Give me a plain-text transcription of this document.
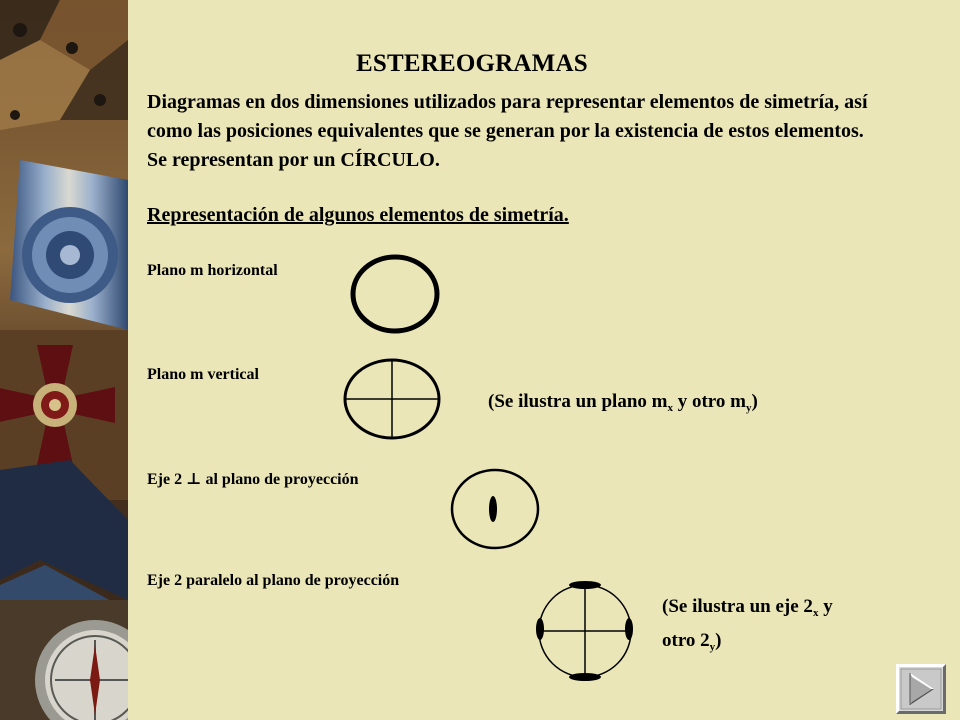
ESTEREOGRAMAS
Diagramas en dos dimensiones utilizados para representar elementos de simetría, así como las posiciones equivalentes que se generan por la existencia de estos elementos. Se representan por un CÍRCULO.
Representación de algunos elementos de simetría.
Plano m horizontal
Plano m vertical
(Se ilustra un plano $m_x$ y otro $m_y$)
Eje 2 ⊥ al plano de proyección
Eje 2 paralelo al plano de proyección
(Se ilustra un eje $2_x$ y
otro $2_y$)
